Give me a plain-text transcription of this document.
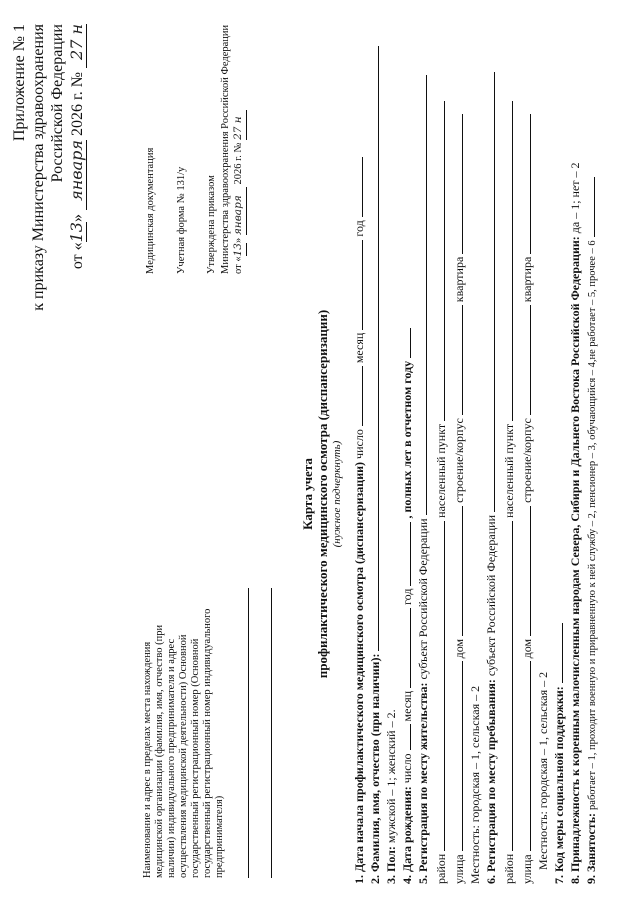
Приложение № 1 к приказу Министерства здравоохранения Российской Федерации
от «13» января 2026 г. № 27 н
Медицинская документация Учетная форма № 131/у Утверждена приказом Министерства здравоохранения Российской Федерации от «13» января 2026 г. № 27 н
Наименование и адрес в пределах места нахождения медицинской организации (фамилия, имя, отчество (при наличии) индивидуального предпринимателя и адрес осуществления медицинской деятельности) Основной государственный регистрационный номер (Основной государственный регистрационный номер индивидуального предпринимателя)
Карта учета профилактического медицинского осмотра (диспансеризации) (нужное подчеркнуть) 1. Дата начала профилактического медицинского осмотра (диспансеризации) число  месяц  год
2. Фамилия, имя, отчество (при наличии): 3. Пол: мужской – 1; женский – 2. 4. Дата рождения: число  месяц  год  , полных лет в отчетном году
5. Регистрация по месту жительства: субъект Российской Федерации
район  населенный пункт
улица  дом  строение/корпус  квартира
Местность: городская – 1, сельская – 2 6. Регистрация по месту пребывания: субъект Российской Федерации
район  населенный пункт
улица  дом  строение/корпус  квартира
Местность: городская – 1, сельская – 2 7. Код меры социальной поддержки: 8. Принадлежность к коренным малочисленным народам Севера, Сибири и Дальнего Востока Российской Федерации: да – 1; нет – 2
9. Занятость: работает – 1, проходит военную и приравненную к ней службу – 2, пенсионер – 3, обучающийся – 4,не работает – 5, прочее – 6
